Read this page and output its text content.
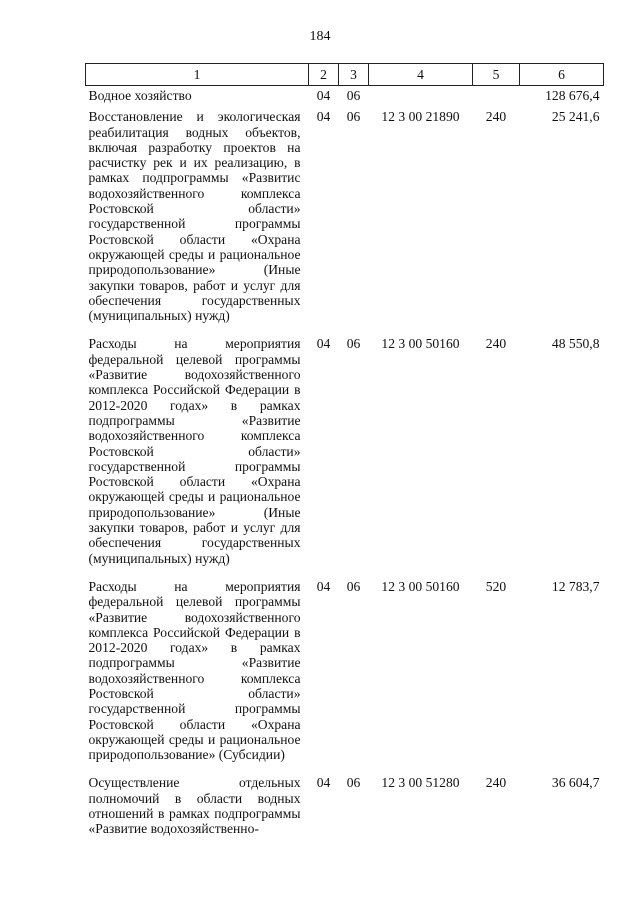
184
1	2	3	4	5	6
Водное хозяйство	04	06			128 676,4
Восстановление и экологическая реабилитация водных объектов, включая разработку проектов на расчистку рек и их реализацию, в рамках подпрограммы «Развитис водохозяйственного комплекса Ростовской области» государственной программы Ростовской области «Охрана окружающей среды и рациональное природопользование» (Иные закупки товаров, работ и услуг для обеспечения государственных (муниципальных) нужд)	04	06	12 3 00 21890	240	25 241,6
Расходы на мероприятия федеральной целевой программы «Развитие водохозяйственного комплекса Российской Федерации в 2012-2020 годах» в рамках подпрограммы «Развитие водохозяйственного комплекса Ростовской области» государственной программы Ростовской области «Охрана окружающей среды и рациональное природопользование» (Иные закупки товаров, работ и услуг для обеспечения государственных (муниципальных) нужд)	04	06	12 3 00 50160	240	48 550,8
Расходы на мероприятия федеральной целевой программы «Развитие водохозяйственного комплекса Российской Федерации в 2012-2020 годах» в рамках подпрограммы «Развитие водохозяйственного комплекса Ростовской области» государственной программы Ростовской области «Охрана окружающей среды и рациональное природопользование» (Субсидии)	04	06	12 3 00 50160	520	12 783,7
Осуществление отдельных полномочий в области водных отношений в рамках подпрограммы «Развитие водохозяйственно-	04	06	12 3 00 51280	240	36 604,7
